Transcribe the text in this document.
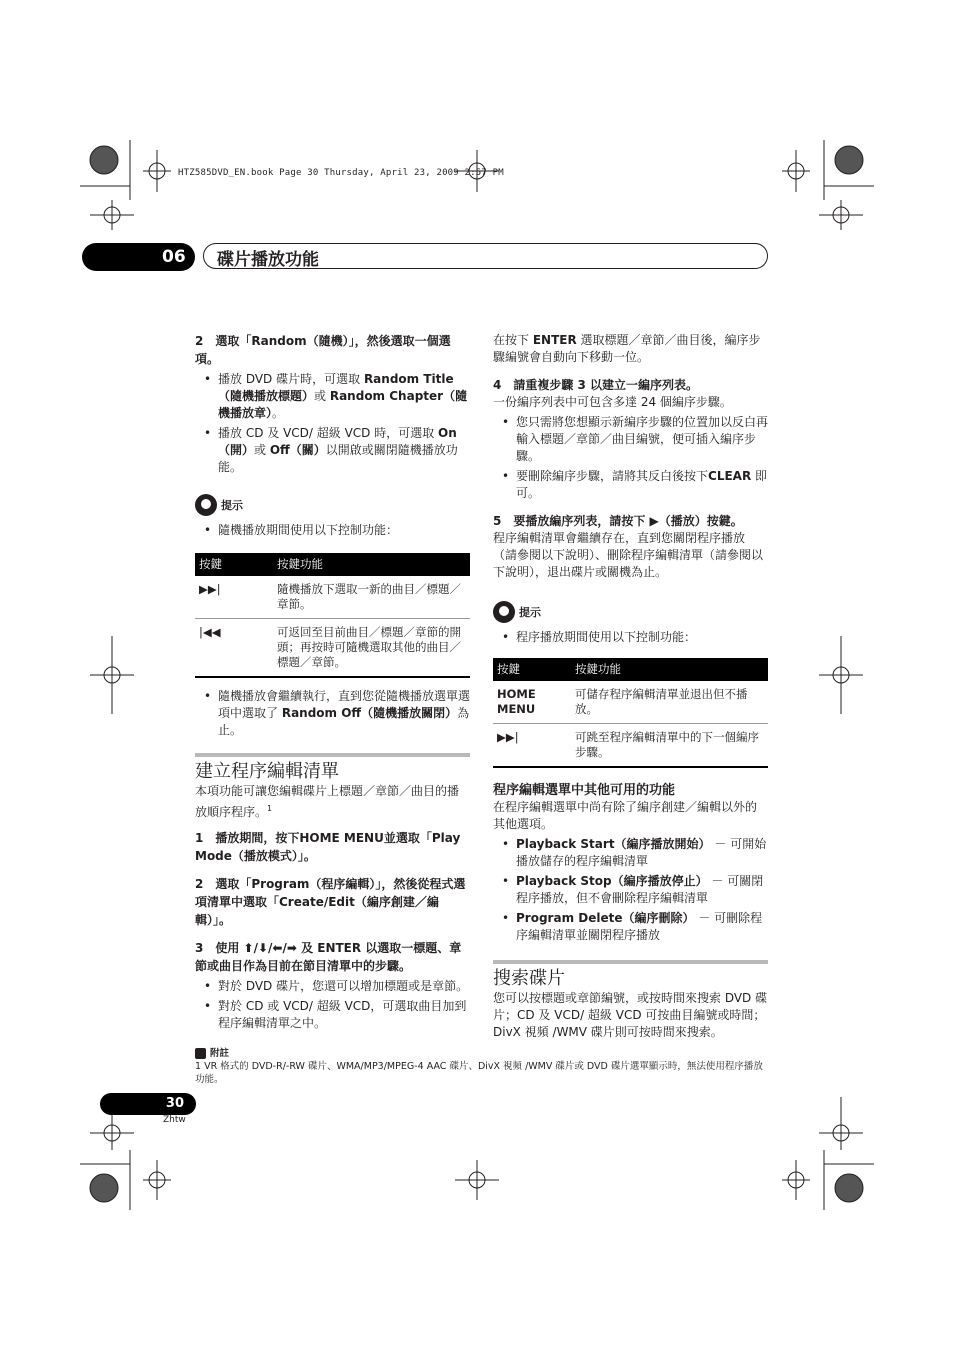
HTZ585DVD_EN.book Page 30 Thursday, April 23, 2009 2:57 PM
06	碟片播放功能

2　選取「Random（隨機）」，然後選取一個選項。

• 播放 DVD 碟片時，可選取 Random Title（隨機播放標題）或 Random Chapter（隨機播放章）。
• 播放 CD 及 VCD/ 超級 VCD 時，可選取 On（開）或 Off（關）以開啟或關閉隨機播放功能。
提示
• 隨機播放期間使用以下控制功能：
按鍵	按鍵功能
▶▶|	隨機播放下選取一新的曲目／標題／章節。
|◀◀	可返回至目前曲目／標題／章節的開頭；再按時可隨機選取其他的曲目／標題／章節。
• 隨機播放會繼續執行，直到您從隨機播放選單選項中選取了 Random Off（隨機播放關閉）為止。
建立程序編輯清單

本項功能可讓您編輯碟片上標題／章節／曲目的播放順序程序。$^1$

1　播放期間，按下HOME MENU並選取「Play Mode（播放模式）」。

2　選取「Program（程序編輯）」，然後從程式選項清單中選取「Create/Edit（編序創建／編輯）」。

3　使用 ⬆/⬇/⬅/➡ 及 ENTER 以選取一標題、章節或曲目作為目前在節目清單中的步驟。

• 對於 DVD 碟片，您還可以增加標題或是章節。
• 對於 CD 或 VCD/ 超級 VCD，可選取曲目加到程序編輯清單之中。

在按下 ENTER 選取標題／章節／曲目後，編序步驟編號會自動向下移動一位。

4　請重複步驟 3 以建立一編序列表。

一份編序列表中可包含多達 24 個編序步驟。

• 您只需將您想顯示新編序步驟的位置加以反白再輸入標題／章節／曲目編號，便可插入編序步驟。
• 要刪除編序步驟，請將其反白後按下CLEAR 即可。

5　要播放編序列表，請按下 ▶（播放）按鍵。

程序編輯清單會繼續存在，直到您關閉程序播放（請參閱以下說明）、刪除程序編輯清單（請參閱以下說明），退出碟片或關機為止。

提示
• 程序播放期間使用以下控制功能：
按鍵	按鍵功能
HOME MENU	可儲存程序編輯清單並退出但不播放。
▶▶|	可跳至程序編輯清單中的下一個編序步驟。
程序編輯選單中其他可用的功能

在程序編輯選單中尚有除了編序創建／編輯以外的其他選項。

• Playback Start（編序播放開始） － 可開始播放儲存的程序編輯清單
• Playback Stop（編序播放停止） － 可關閉程序播放，但不會刪除程序編輯清單
• Program Delete（編序刪除） － 可刪除程序編輯清單並關閉程序播放
搜索碟片

您可以按標題或章節編號，或按時間來搜索 DVD 碟片；CD 及 VCD/ 超級 VCD 可按曲目編號或時間；DivX 視頻 /WMV 碟片則可按時間來搜索。

附註
1 VR 格式的 DVD-R/-RW 碟片、WMA/MP3/MPEG-4 AAC 碟片、DivX 視頻 /WMV 碟片或 DVD 碟片選單顯示時，無法使用程序播放功能。
30
Zhtw
